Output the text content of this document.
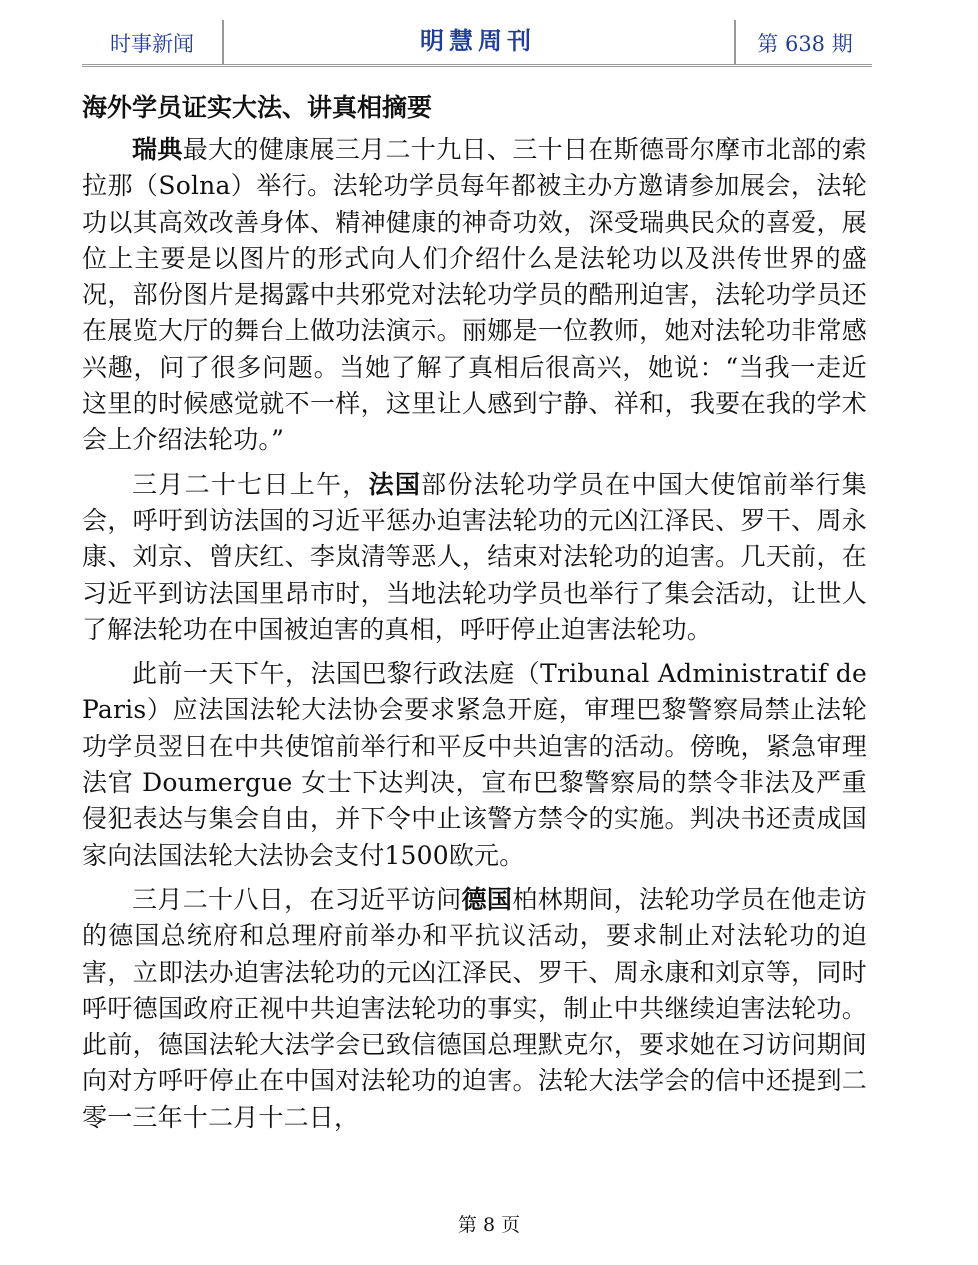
时事新闻	明慧周刊	第 638 期
海外学员证实大法、讲真相摘要

瑞典最大的健康展三月二十九日、三十日在斯德哥尔摩市北部的索拉那（Solna）举行。法轮功学员每年都被主办方邀请参加展会，法轮功以其高效改善身体、精神健康的神奇功效，深受瑞典民众的喜爱，展位上主要是以图片的形式向人们介绍什么是法轮功以及洪传世界的盛况，部份图片是揭露中共邪党对法轮功学员的酷刑迫害，法轮功学员还在展览大厅的舞台上做功法演示。丽娜是一位教师，她对法轮功非常感兴趣，问了很多问题。当她了解了真相后很高兴，她说：“当我一走近这里的时候感觉就不一样，这里让人感到宁静、祥和，我要在我的学术会上介绍法轮功。”

三月二十七日上午，法国部份法轮功学员在中国大使馆前举行集会，呼吁到访法国的习近平惩办迫害法轮功的元凶江泽民、罗干、周永康、刘京、曾庆红、李岚清等恶人，结束对法轮功的迫害。几天前，在习近平到访法国里昂市时，当地法轮功学员也举行了集会活动，让世人了解法轮功在中国被迫害的真相，呼吁停止迫害法轮功。

此前一天下午，法国巴黎行政法庭（Tribunal Administratif de Paris）应法国法轮大法协会要求紧急开庭，审理巴黎警察局禁止法轮功学员翌日在中共使馆前举行和平反中共迫害的活动。傍晚，紧急审理法官 Doumergue 女士下达判决，宣布巴黎警察局的禁令非法及严重侵犯表达与集会自由，并下令中止该警方禁令的实施。判决书还责成国家向法国法轮大法协会支付1500欧元。

三月二十八日，在习近平访问德国柏林期间，法轮功学员在他走访的德国总统府和总理府前举办和平抗议活动，要求制止对法轮功的迫害，立即法办迫害法轮功的元凶江泽民、罗干、周永康和刘京等，同时呼吁德国政府正视中共迫害法轮功的事实，制止中共继续迫害法轮功。此前，德国法轮大法学会已致信德国总理默克尔，要求她在习访问期间向对方呼吁停止在中国对法轮功的迫害。法轮大法学会的信中还提到二零一三年十二月十二日，

第 8 页
